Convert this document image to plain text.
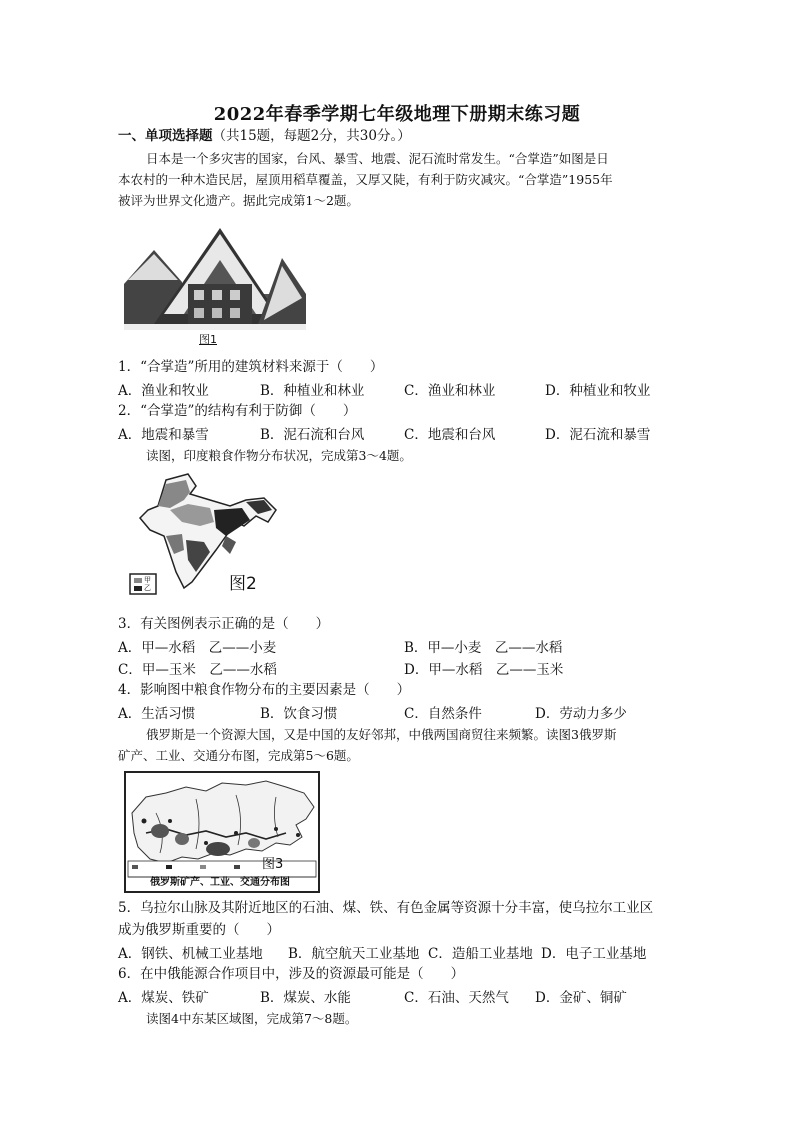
2022年春季学期七年级地理下册期末练习题
一、单项选择题（共15题，每题2分，共30分。）
日本是一个多灾害的国家，台风、暴雪、地震、泥石流时常发生。“合掌造”如图是日
本农村的一种木造民居，屋顶用稻草覆盖，又厚又陡，有利于防灾减灾。“合掌造”1955年
被评为世界文化遗产。据此完成第1～2题。
图1
1．“合掌造”所用的建筑材料来源于（　　）
A．渔业和牧业	B．种植业和林业	C．渔业和林业	D．种植业和牧业
2．“合掌造”的结构有利于防御（　　）
A．地震和暴雪	B．泥石流和台风	C．地震和台风	D．泥石流和暴雪
读图，印度粮食作物分布状况，完成第3～4题。
甲
乙	图2
3．有关图例表示正确的是（　　）
A．甲—水稻　乙——小麦	B．甲—小麦　乙——水稻
C．甲—玉米　乙——水稻	D．甲—水稻　乙——玉米
4．影响图中粮食作物分布的主要因素是（　　）
A．生活习惯	B．饮食习惯	C．自然条件	D．劳动力多少
俄罗斯是一个资源大国，又是中国的友好邻邦，中俄两国商贸往来频繁。读图3俄罗斯
矿产、工业、交通分布图，完成第5～6题。
图3
俄罗斯矿产、工业、交通分布图
5．乌拉尔山脉及其附近地区的石油、煤、铁、有色金属等资源十分丰富，使乌拉尔工业区
成为俄罗斯重要的（　　）
A．钢铁、机械工业基地 B．航空航天工业基地 C．造船工业基地 D．电子工业基地
6．在中俄能源合作项目中，涉及的资源最可能是（　　）
A．煤炭、铁矿	B．煤炭、水能	C．石油、天然气 D．金矿、铜矿
读图4中东某区域图，完成第7～8题。
